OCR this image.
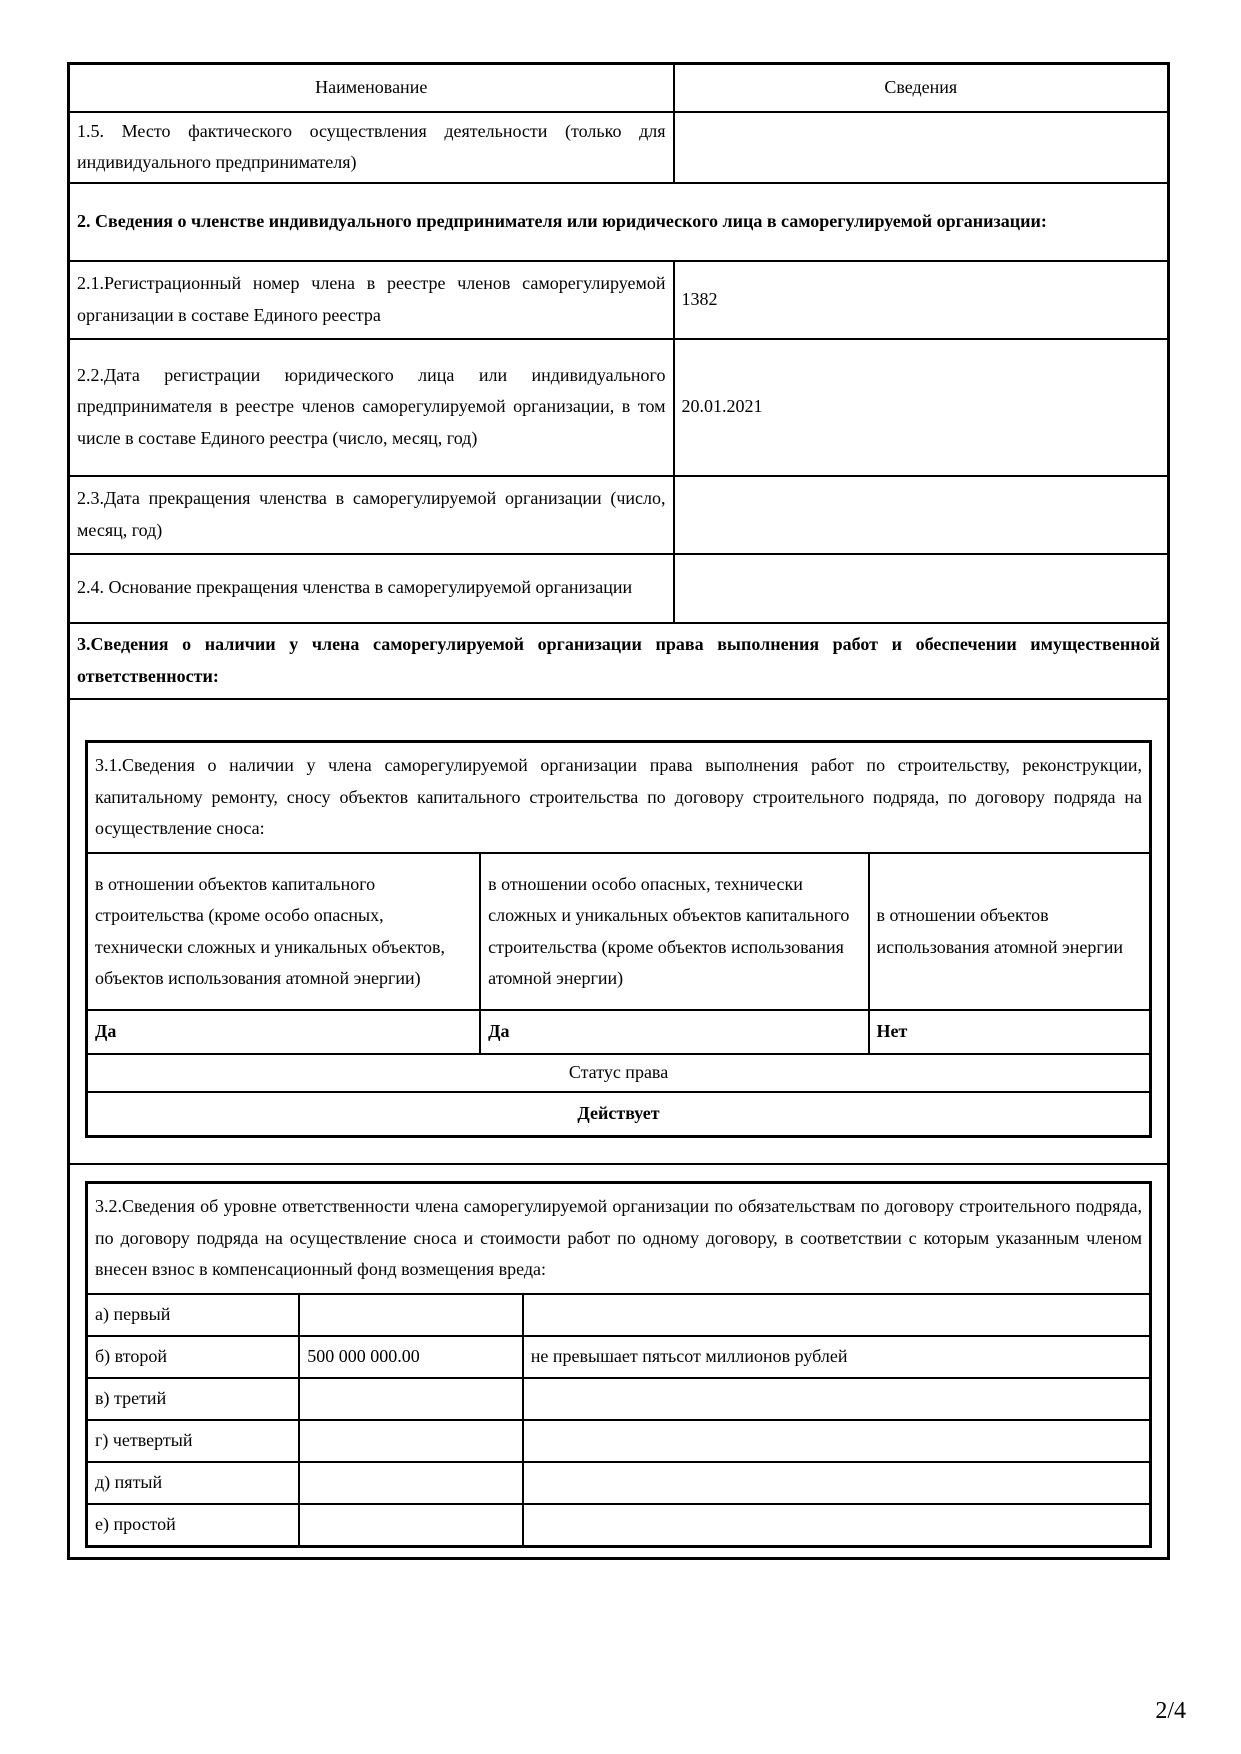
Наименование	Сведения
1.5. Место фактического осуществления деятельности (только для индивидуального предпринимателя)	
2. Сведения о членстве индивидуального предпринимателя или юридического лица в саморегулируемой организации:
2.1.Регистрационный номер члена в реестре членов саморегулируемой организации в составе Единого реестра	1382
2.2.Дата регистрации юридического лица или индивидуального предпринимателя в реестре членов саморегулируемой организации, в том числе в составе Единого реестра (число, месяц, год)	20.01.2021
2.3.Дата прекращения членства в саморегулируемой организации (число, месяц, год)	
2.4. Основание прекращения членства в саморегулируемой организации	
3.Сведения о наличии у члена саморегулируемой организации права выполнения работ и обеспечении имущественной ответственности:

3.1.Сведения о наличии у члена саморегулируемой организации права выполнения работ по строительству, реконструкции, капитальному ремонту, сносу объектов капитального строительства по договору строительного подряда, по договору подряда на осуществление сноса:
в отношении объектов капитального строительства (кроме особо опасных, технически сложных и уникальных объектов, объектов использования атомной энергии)	в отношении особо опасных, технически сложных и уникальных объектов капитального строительства (кроме объектов использования атомной энергии)	в отношении объектов использования атомной энергии
Да	Да	Нет
Статус права
Действует

3.2.Сведения об уровне ответственности члена саморегулируемой организации по обязательствам по договору строительного подряда, по договору подряда на осуществление сноса и стоимости работ по одному договору, в соответствии с которым указанным членом внесен взнос в компенсационный фонд возмещения вреда:
а) первый		
б) второй	500 000 000.00	не превышает пятьсот миллионов рублей
в) третий		
г) четвертый		
д) пятый		
е) простой		
2/4
